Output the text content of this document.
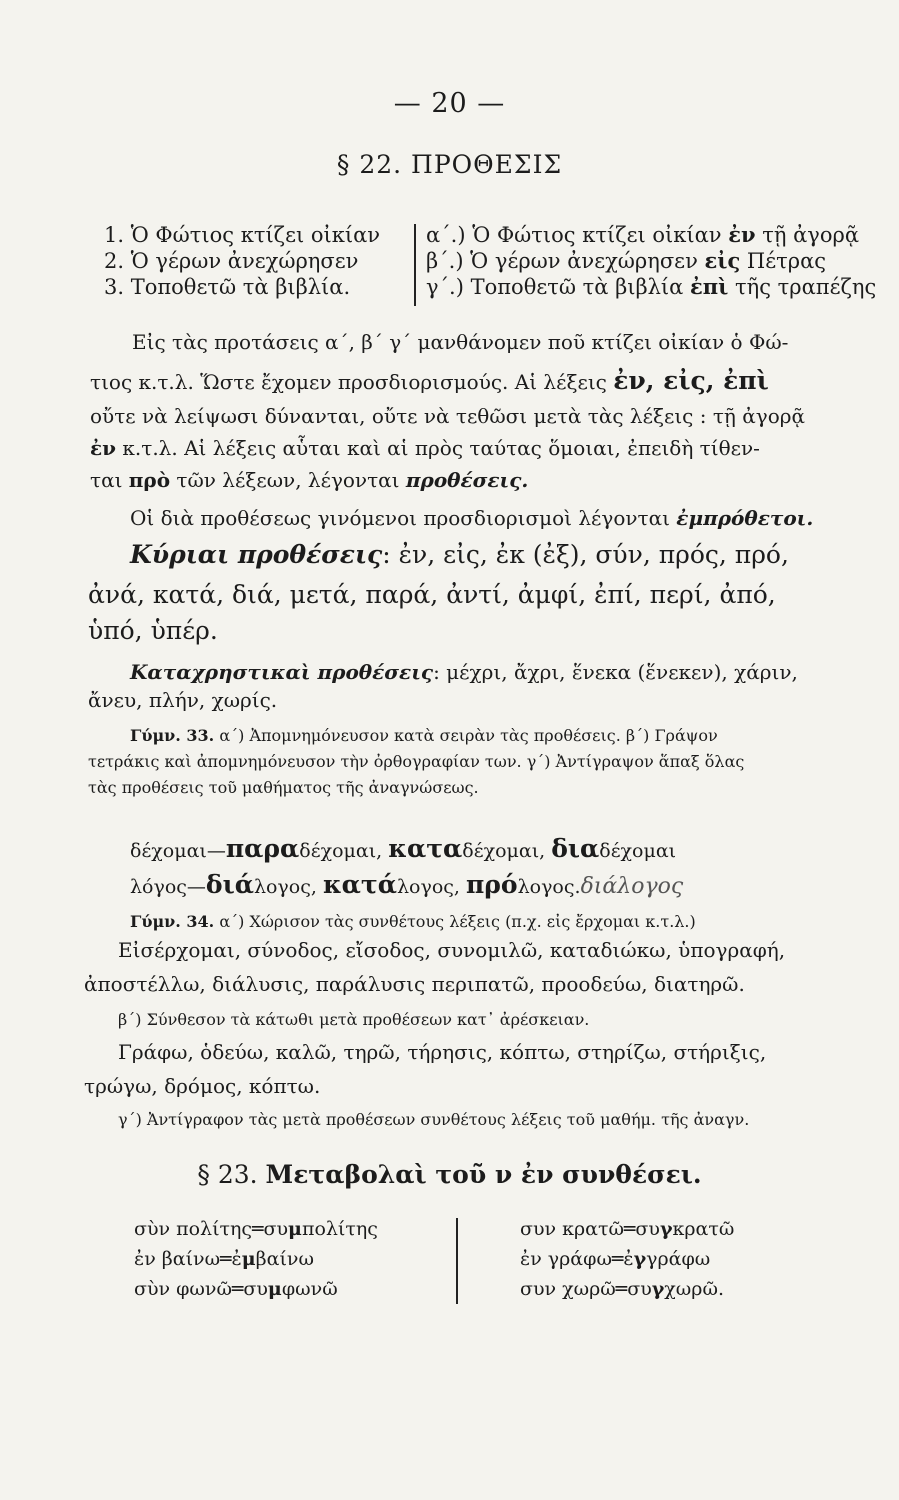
— 20 —
§ 22. ΠΡΟΘΕΣΙΣ
1. Ὁ Φώτιος κτίζει οἰκίαν
2. Ὁ γέρων ἀνεχώρησεν
3. Τοποθετῶ τὰ βιβλία.
α΄.) Ὁ Φώτιος κτίζει οἰκίαν ἐν τῇ ἀγορᾷ
β΄.) Ὁ γέρων ἀνεχώρησεν εἰς Πέτρας
γ΄.) Τοποθετῶ τὰ βιβλία ἐπὶ τῆς τραπέζης
Εἰς τὰς προτάσεις α΄, β΄ γ΄ μανθάνομεν ποῦ κτίζει οἰκίαν ὁ Φώ-
τιος κ.τ.λ. Ὥστε ἔχομεν προσδιορισμούς. Αἱ λέξεις ἐν, εἰς, ἐπὶ
οὔτε νὰ λείψωσι δύνανται, οὔτε νὰ τεθῶσι μετὰ τὰς λέξεις : τῇ ἀγορᾷ
ἐν κ.τ.λ. Αἱ λέξεις αὗται καὶ αἱ πρὸς ταύτας ὅμοιαι, ἐπειδὴ τίθεν-
ται πρὸ τῶν λέξεων, λέγονται προθέσεις.
Οἱ διὰ προθέσεως γινόμενοι προσδιορισμοὶ λέγονται ἐμπρόθετοι.
Κύριαι προθέσεις: ἐν, εἰς, ἐκ (ἐξ), σύν, πρός, πρό,
ἀνά, κατά, διά, μετά, παρά, ἀντί, ἀμφί, ἐπί, περί, ἀπό,
ὑπό, ὑπέρ.
Καταχρηστικαὶ προθέσεις: μέχρι, ἄχρι, ἕνεκα (ἕνεκεν), χάριν,
ἄνευ, πλήν, χωρίς.
Γύμν. 33. α΄) Ἀπομνημόνευσον κατὰ σειρὰν τὰς προθέσεις. β΄) Γράψον
τετράκις καὶ ἀπομνημόνευσον τὴν ὀρθογραφίαν των. γ΄) Ἀντίγραψον ἅπαξ ὅλας
τὰς προθέσεις τοῦ μαθήματος τῆς ἀναγνώσεως.
δέχομαι—παραδέχομαι, καταδέχομαι, διαδέχομαι
λόγος—διάλογος, κατάλογος, πρόλογος.διάλογος
Γύμν. 34. α΄) Χώρισον τὰς συνθέτους λέξεις (π.χ. εἰς ἔρχομαι κ.τ.λ.)
Εἰσέρχομαι, σύνοδος, εἴσοδος, συνομιλῶ, καταδιώκω, ὑπογραφή,
ἀποστέλλω, διάλυσις, παράλυσις περιπατῶ, προοδεύω, διατηρῶ.
β΄) Σύνθεσον τὰ κάτωθι μετὰ προθέσεων κατ᾿ ἀρέσκειαν.
Γράφω, ὁδεύω, καλῶ, τηρῶ, τήρησις, κόπτω, στηρίζω, στήριξις,
τρώγω, δρόμος, κόπτω.
γ΄) Ἀντίγραφον τὰς μετὰ προθέσεων συνθέτους λέξεις τοῦ μαθήμ. τῆς ἀναγν.
§ 23. Μεταβολαὶ τοῦ ν ἐν συνθέσει.
σὺν πολίτης═συμπολίτης
ἐν βαίνω═ἐμβαίνω
σὺν φωνῶ═συμφωνῶ
συν κρατῶ═συγκρατῶ
ἐν γράφω═ἐγγράφω
συν χωρῶ═συγχωρῶ.
